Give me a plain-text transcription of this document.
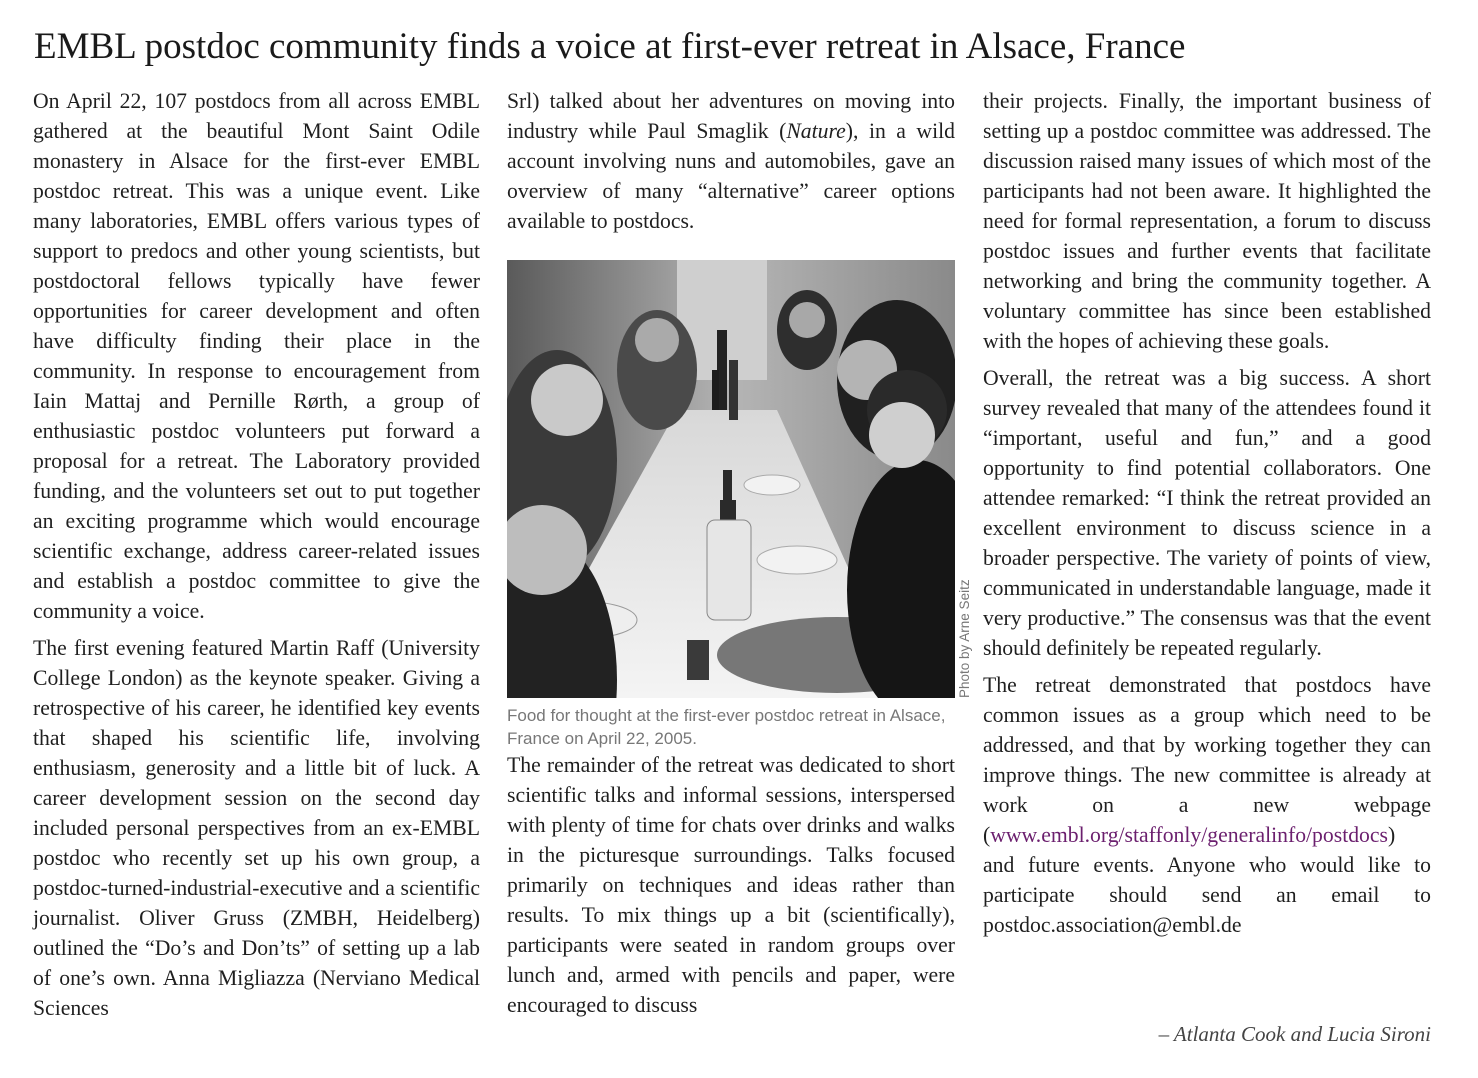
EMBL postdoc community finds a voice at first-ever retreat in Alsace, France

On April 22, 107 postdocs from all across EMBL gathered at the beautiful Mont Saint Odile monastery in Alsace for the first-ever EMBL postdoc retreat. This was a unique event. Like many laboratories, EMBL offers various types of support to predocs and other young scientists, but postdoctoral fellows typically have fewer opportunities for career development and often have difficulty finding their place in the community. In response to encouragement from Iain Mattaj and Pernille Rørth, a group of enthusiastic postdoc volunteers put forward a proposal for a retreat. The Laboratory provided funding, and the volunteers set out to put together an exciting programme which would encourage scientific exchange, address career-related issues and establish a postdoc committee to give the community a voice.

The first evening featured Martin Raff (University College London) as the keynote speaker. Giving a retrospective of his career, he identified key events that shaped his scientific life, involving enthusiasm, generosity and a little bit of luck. A career development session on the second day included personal perspectives from an ex-EMBL postdoc who recently set up his own group, a postdoc-turned-industrial-executive and a scientific journalist. Oliver Gruss (ZMBH, Heidelberg) outlined the “Do’s and Don’ts” of setting up a lab of one’s own. Anna Migliazza (Nerviano Medical Sciences

Srl) talked about her adventures on moving into industry while Paul Smaglik (Nature), in a wild account involving nuns and automobiles, gave an overview of many “alternative” career options available to postdocs.

Photo by Arne Seitz
Food for thought at the first-ever postdoc retreat in Alsace, France on April 22, 2005.

The remainder of the retreat was dedicated to short scientific talks and informal sessions, interspersed with plenty of time for chats over drinks and walks in the picturesque surroundings. Talks focused primarily on techniques and ideas rather than results. To mix things up a bit (scientifically), participants were seated in random groups over lunch and, armed with pencils and paper, were encouraged to discuss

their projects. Finally, the important business of setting up a postdoc committee was addressed. The discussion raised many issues of which most of the participants had not been aware. It highlighted the need for formal representation, a forum to discuss postdoc issues and further events that facilitate networking and bring the community together. A voluntary committee has since been established with the hopes of achieving these goals.

Overall, the retreat was a big success. A short survey revealed that many of the attendees found it “important, useful and fun,” and a good opportunity to find potential collaborators. One attendee remarked: “I think the retreat provided an excellent environment to discuss science in a broader perspective. The variety of points of view, communicated in understandable language, made it very productive.” The consensus was that the event should definitely be repeated regularly.

The retreat demonstrated that postdocs have common issues as a group which need to be addressed, and that by working together they can improve things. The new committee is already at work on a new webpage (www.embl.org/staffonly/generalinfo/postdocs) and future events. Anyone who would like to participate should send an email to postdoc.association@embl.de

– Atlanta Cook and Lucia Sironi
